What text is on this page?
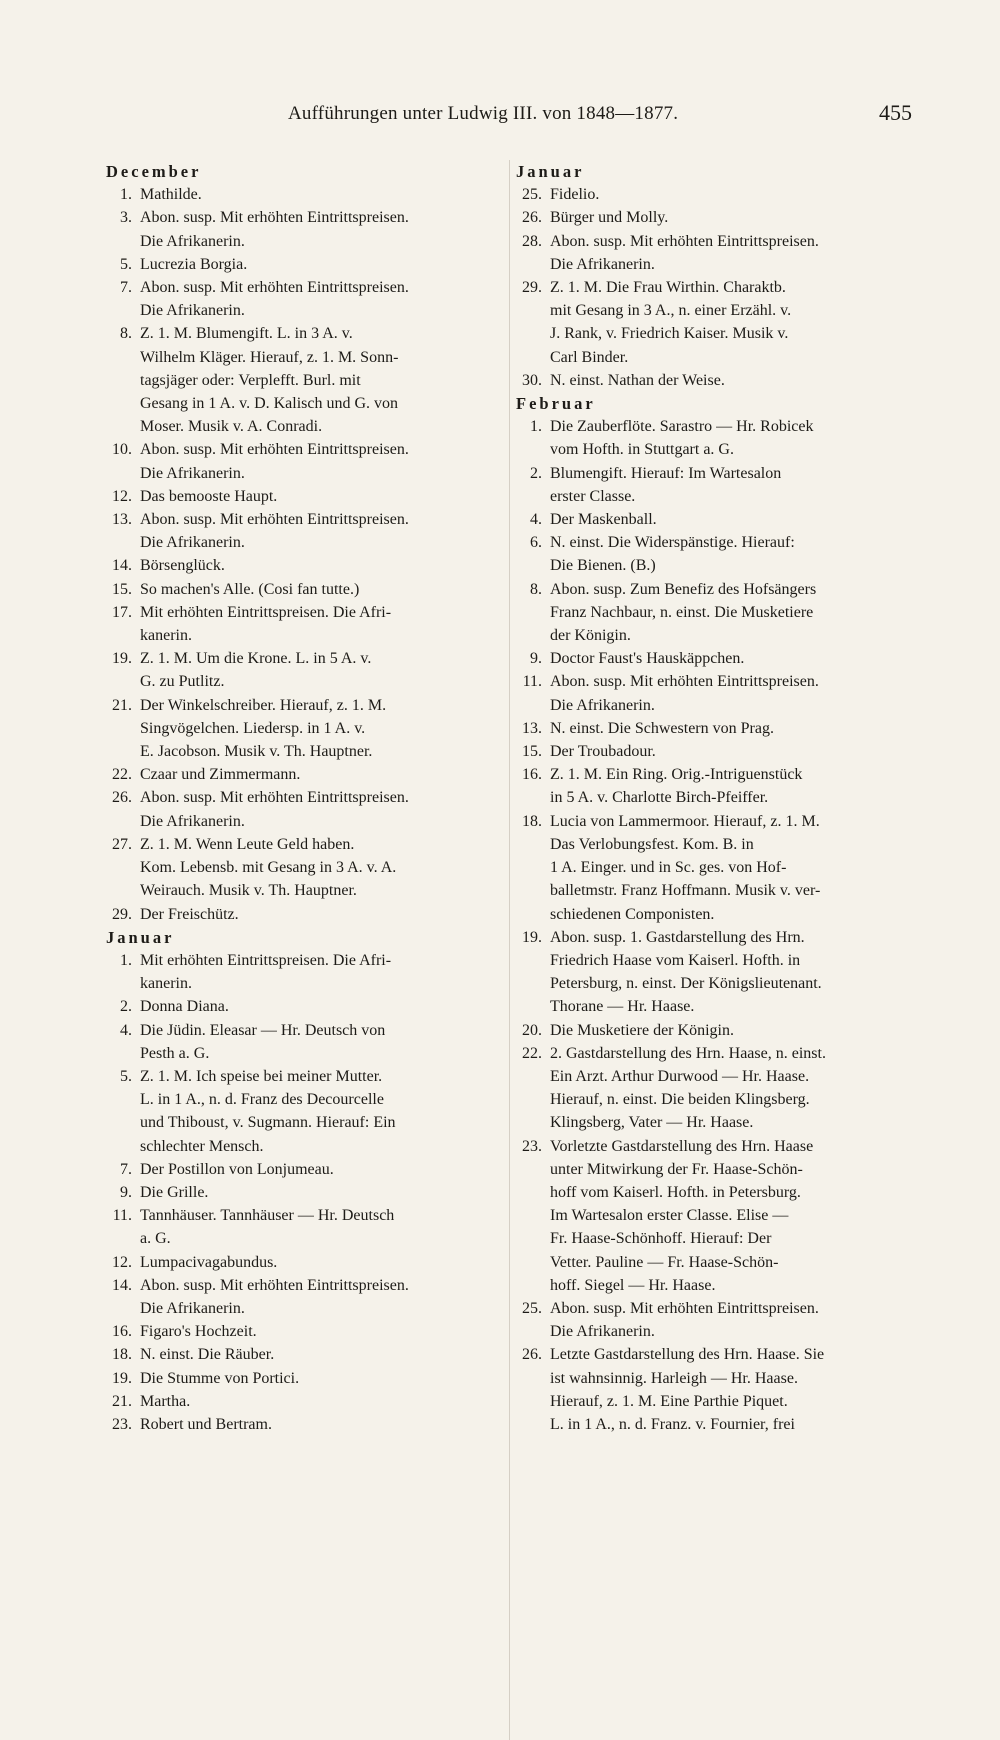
Aufführungen unter Ludwig III. von 1848—1877.	455
December
1. Mathilde.
3. Abon. susp. Mit erhöhten Eintrittspreisen.
Die Afrikanerin.
5. Lucrezia Borgia.
7. Abon. susp. Mit erhöhten Eintrittspreisen.
Die Afrikanerin.
8. Z. 1. M. Blumengift. L. in 3 A. v.
Wilhelm Kläger. Hierauf, z. 1. M. Sonn-
tagsjäger oder: Verplefft. Burl. mit
Gesang in 1 A. v. D. Kalisch und G. von
Moser. Musik v. A. Conradi.
10. Abon. susp. Mit erhöhten Eintrittspreisen.
Die Afrikanerin.
12. Das bemooste Haupt.
13. Abon. susp. Mit erhöhten Eintrittspreisen.
Die Afrikanerin.
14. Börsenglück.
15. So machen's Alle. (Cosi fan tutte.)
17. Mit erhöhten Eintrittspreisen. Die Afri-
kanerin.
19. Z. 1. M. Um die Krone. L. in 5 A. v.
G. zu Putlitz.
21. Der Winkelschreiber. Hierauf, z. 1. M.
Singvögelchen. Liedersp. in 1 A. v.
E. Jacobson. Musik v. Th. Hauptner.
22. Czaar und Zimmermann.
26. Abon. susp. Mit erhöhten Eintrittspreisen.
Die Afrikanerin.
27. Z. 1. M. Wenn Leute Geld haben.
Kom. Lebensb. mit Gesang in 3 A. v. A.
Weirauch. Musik v. Th. Hauptner.
29. Der Freischütz.
Januar
1. Mit erhöhten Eintrittspreisen. Die Afri-
kanerin.
2. Donna Diana.
4. Die Jüdin. Eleasar — Hr. Deutsch von
Pesth a. G.
5. Z. 1. M. Ich speise bei meiner Mutter.
L. in 1 A., n. d. Franz des Decourcelle
und Thiboust, v. Sugmann. Hierauf: Ein
schlechter Mensch.
7. Der Postillon von Lonjumeau.
9. Die Grille.
11. Tannhäuser. Tannhäuser — Hr. Deutsch
a. G.
12. Lumpacivagabundus.
14. Abon. susp. Mit erhöhten Eintrittspreisen.
Die Afrikanerin.
16. Figaro's Hochzeit.
18. N. einst. Die Räuber.
19. Die Stumme von Portici.
21. Martha.
23. Robert und Bertram.
Januar
25. Fidelio.
26. Bürger und Molly.
28. Abon. susp. Mit erhöhten Eintrittspreisen.
Die Afrikanerin.
29. Z. 1. M. Die Frau Wirthin. Charaktb.
mit Gesang in 3 A., n. einer Erzähl. v.
J. Rank, v. Friedrich Kaiser. Musik v.
Carl Binder.
30. N. einst. Nathan der Weise.
Februar
1. Die Zauberflöte. Sarastro — Hr. Robicek
vom Hofth. in Stuttgart a. G.
2. Blumengift. Hierauf: Im Wartesalon
erster Classe.
4. Der Maskenball.
6. N. einst. Die Widerspänstige. Hierauf:
Die Bienen. (B.)
8. Abon. susp. Zum Benefiz des Hofsängers
Franz Nachbaur, n. einst. Die Musketiere
der Königin.
9. Doctor Faust's Hauskäppchen.
11. Abon. susp. Mit erhöhten Eintrittspreisen.
Die Afrikanerin.
13. N. einst. Die Schwestern von Prag.
15. Der Troubadour.
16. Z. 1. M. Ein Ring. Orig.-Intriguenstück
in 5 A. v. Charlotte Birch-Pfeiffer.
18. Lucia von Lammermoor. Hierauf, z. 1. M.
Das Verlobungsfest. Kom. B. in
1 A. Einger. und in Sc. ges. von Hof-
balletmstr. Franz Hoffmann. Musik v. ver-
schiedenen Componisten.
19. Abon. susp. 1. Gastdarstellung des Hrn.
Friedrich Haase vom Kaiserl. Hofth. in
Petersburg, n. einst. Der Königslieutenant.
Thorane — Hr. Haase.
20. Die Musketiere der Königin.
22. 2. Gastdarstellung des Hrn. Haase, n. einst.
Ein Arzt. Arthur Durwood — Hr. Haase.
Hierauf, n. einst. Die beiden Klingsberg.
Klingsberg, Vater — Hr. Haase.
23. Vorletzte Gastdarstellung des Hrn. Haase
unter Mitwirkung der Fr. Haase-Schön-
hoff vom Kaiserl. Hofth. in Petersburg.
Im Wartesalon erster Classe. Elise —
Fr. Haase-Schönhoff. Hierauf: Der
Vetter. Pauline — Fr. Haase-Schön-
hoff. Siegel — Hr. Haase.
25. Abon. susp. Mit erhöhten Eintrittspreisen.
Die Afrikanerin.
26. Letzte Gastdarstellung des Hrn. Haase. Sie
ist wahnsinnig. Harleigh — Hr. Haase.
Hierauf, z. 1. M. Eine Parthie Piquet.
L. in 1 A., n. d. Franz. v. Fournier, frei
